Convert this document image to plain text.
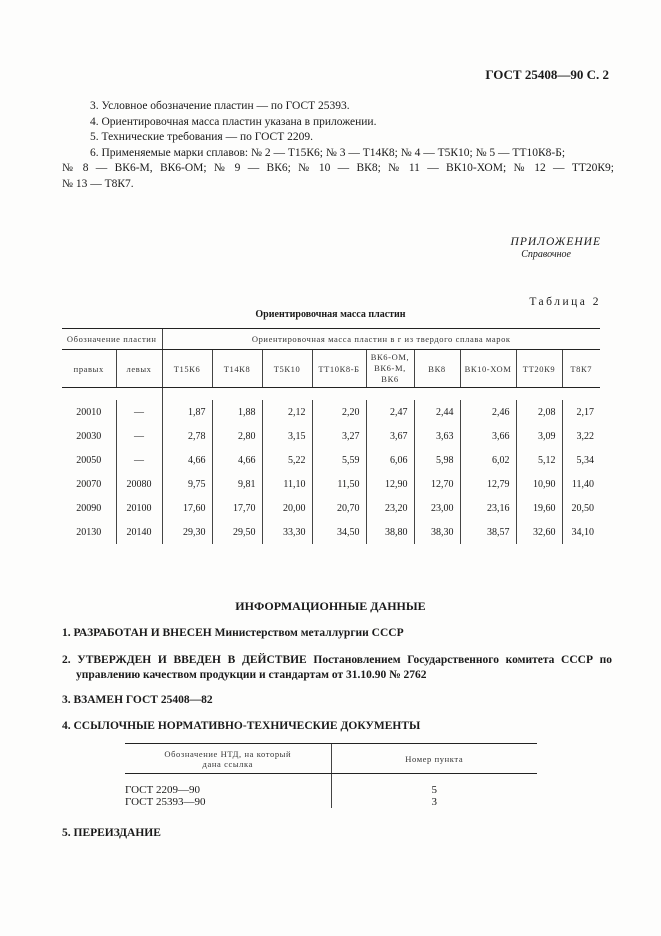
ГОСТ 25408—90 С. 2

3. Условное обозначение пластин — по ГОСТ 25393.

4. Ориентировочная масса пластин указана в приложении.

5. Технические требования — по ГОСТ 2209.

6. Применяемые марки сплавов: № 2 — Т15К6; № 3 — Т14К8; № 4 — Т5К10; № 5 — ТТ10К8-Б;

№ 8 — ВК6-М, ВК6-ОМ; № 9 — ВК6; № 10 — ВК8; № 11 — ВК10-ХОМ; № 12 — ТТ20К9;

№ 13 — Т8К7.

ПРИЛОЖЕНИЕ
Справочное
Таблица 2
Ориентировочная масса пластин
Обозначение пластин		Ориентировочная масса пластин в г из твердого сплава марок								
правых	левых	Т15К6	Т14К8	Т5К10	ТТ10К8-Б	ВК6-ОМ, ВК6-М, ВК6	ВК8	ВК10-ХОМ	ТТ20К9	Т8К7

20010	—	1,87	1,88	2,12	2,20	2,47	2,44	2,46	2,08	2,17
20030	—	2,78	2,80	3,15	3,27	3,67	3,63	3,66	3,09	3,22
20050	—	4,66	4,66	5,22	5,59	6,06	5,98	6,02	5,12	5,34
20070	20080	9,75	9,81	11,10	11,50	12,90	12,70	12,79	10,90	11,40
20090	20100	17,60	17,70	20,00	20,70	23,20	23,00	23,16	19,60	20,50
20130	20140	29,30	29,50	33,30	34,50	38,80	38,30	38,57	32,60	34,10
ИНФОРМАЦИОННЫЕ ДАННЫЕ
1. РАЗРАБОТАН И ВНЕСЕН Министерством металлургии СССР
2. УТВЕРЖДЕН И ВВЕДЕН В ДЕЙСТВИЕ Постановлением Государственного комитета СССР по
управлению качеством продукции и стандартам от 31.10.90 № 2762
3. ВЗАМЕН ГОСТ 25408—82
4. ССЫЛОЧНЫЕ НОРМАТИВНО-ТЕХНИЧЕСКИЕ ДОКУМЕНТЫ
Обозначение НТД, на который
дана ссылка	Номер пункта

ГОСТ 2209—90	5
ГОСТ 25393—90	3
5. ПЕРЕИЗДАНИЕ
